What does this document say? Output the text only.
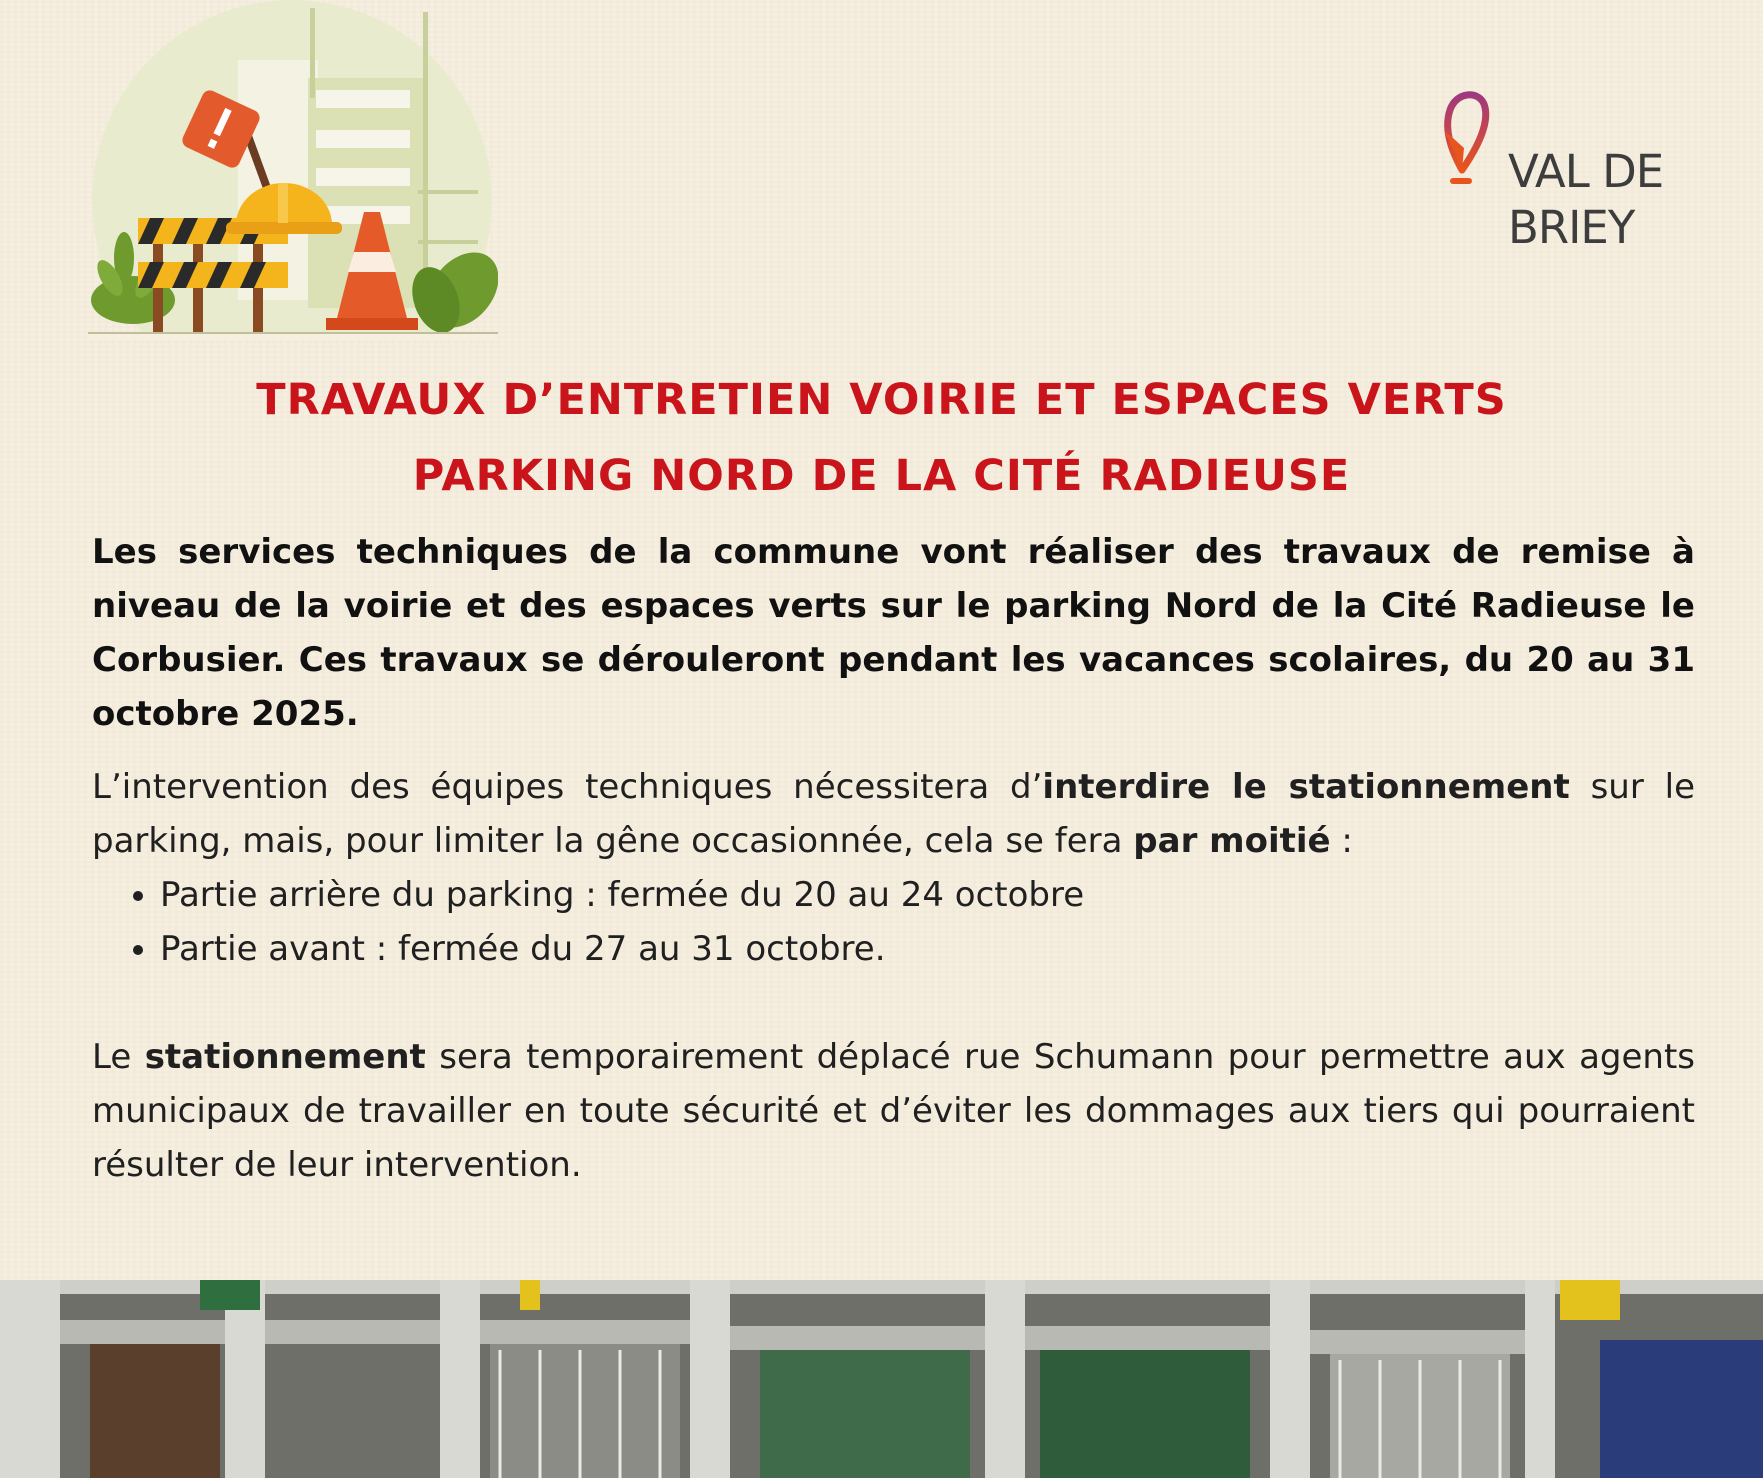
VAL DE
BRIEY
TRAVAUX D’ENTRETIEN VOIRIE ET ESPACES VERTS
PARKING NORD DE LA CITÉ RADIEUSE

Les services techniques de la commune vont réaliser des travaux de remise à niveau de la voirie et des espaces verts sur le parking Nord de la Cité Radieuse le Corbusier. Ces travaux se dérouleront pendant les vacances scolaires, du 20 au 31 octobre 2025.

L’intervention des équipes techniques nécessitera d’interdire le stationnement sur le parking, mais, pour limiter la gêne occasionnée, cela se fera par moitié :

• Partie arrière du parking : fermée du 20 au 24 octobre
• Partie avant : fermée du 27 au 31 octobre.

Le stationnement sera temporairement déplacé rue Schumann pour permettre aux agents municipaux de travailler en toute sécurité et d’éviter les dommages aux tiers qui pourraient résulter de leur intervention.
